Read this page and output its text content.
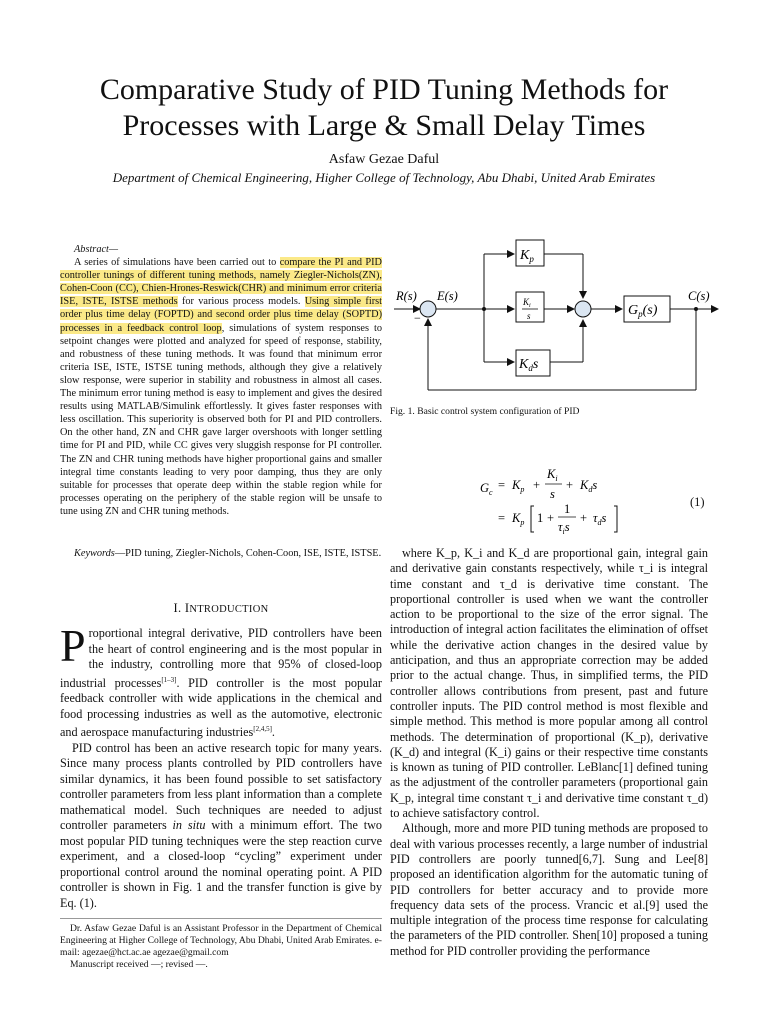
Comparative Study of PID Tuning Methods for Processes with Large & Small Delay Times
Asfaw Gezae Daful
Department of Chemical Engineering, Higher College of Technology, Abu Dhabi, United Arab Emirates
Abstract—

A series of simulations have been carried out to compare the PI and PID controller tunings of different tuning methods, namely Ziegler-Nichols(ZN), Cohen-Coon (CC), Chien-Hrones-Reswick(CHR) and minimum error criteria ISE, ISTE, ISTSE methods for various process models. Using simple first order plus time delay (FOPTD) and second order plus time delay (SOPTD) processes in a feedback control loop, simulations of system responses to setpoint changes were plotted and analyzed for speed of response, stability, and robustness of these tuning methods. It was found that minimum error criteria ISE, ISTE, ISTSE tuning methods, although they give a relatively slow response, were superior in stability and robustness in almost all cases. The minimum error tuning method is easy to implement and gives the desired results using MATLAB/Simulink effortlessly. It gives faster responses with less oscillation. This superiority is observed both for PI and PID controllers. On the other hand, ZN and CHR gave larger overshoots with longer settling time for PI and PID, while CC gives very sluggish response for PI controller. The ZN and CHR tuning methods have higher proportional gains and smaller integral time constants leading to very poor damping, thus they are only suitable for processes that operate deep within the stable region while for processes operating on the periphery of the stable region will be unsafe to tune using ZN and CHR tuning methods.

Keywords—PID tuning, Ziegler-Nichols, Cohen-Coon, ISE, ISTE, ISTSE.

I. INTRODUCTION

Proportional integral derivative, PID controllers have been the heart of control engineering and is the most popular in the industry, controlling more that 95% of closed-loop industrial processes[1–3]. PID controller is the most popular feedback controller with wide applications in the chemical and food processing industries as well as the automotive, electronic and aerospace manufacturing industries[2,4,5].

PID control has been an active research topic for many years. Since many process plants controlled by PID controllers have similar dynamics, it has been found possible to set satisfactory controller parameters from less plant information than a complete mathematical model. Such techniques are needed to adjust controller parameters in situ with a minimum effort. The two most popular PID tuning techniques were the step reaction curve experiment, and a closed-loop “cycling” experiment under proportional control around the nominal operating point. A PID controller is shown in Fig. 1 and the transfer function is give by Eq. (1).

Dr. Asfaw Gezae Daful is an Assistant Professor in the Department of Chemical Engineering at Higher College of Technology, Abu Dhabi, United Arab Emirates. e-mail: agezae@hct.ac.ae agezae@gmail.com

Manuscript received —; revised —.

R(s) E(s)	C(s)
−
$K_p$
$K_i$
s
$K_ds$
$G_p(s)$
Fig. 1. Basic control system configuration of PID
$G_c$
= $K_p$ +
$K_i$
s
+ $K_ds$
= $K_p$ 1 +
1
$\tau_is$
+ $\tau_ds$
(1)

where K_p, K_i and K_d are proportional gain, integral gain and derivative gain constants respectively, while τ_i is integral time constant and τ_d is derivative time constant. The proportional controller is used when we want the controller action to be proportional to the size of the error signal. The introduction of integral action facilitates the elimination of offset while the derivative action changes in the desired value by anticipation, and thus an appropriate correction may be added prior to the actual change. Thus, in simplified terms, the PID controller allows contributions from present, past and future controller inputs. The PID control method is most flexible and simple method. This method is more popular among all control methods. The determination of proportional (K_p), derivative (K_d) and integral (K_i) gains or their respective time constants is known as tuning of PID controller. LeBlanc[1] defined tuning as the adjustment of the controller parameters (proportional gain K_p, integral time constant τ_i and derivative time constant τ_d) to achieve satisfactory control.

Although, more and more PID tuning methods are proposed to deal with various processes recently, a large number of industrial PID controllers are poorly tunned[6,7]. Sung and Lee[8] proposed an identification algorithm for the automatic tuning of PID controllers for better accuracy and to provide more frequency data sets of the process. Vrancic et al.[9] used the multiple integration of the process time response for calculating the parameters of the PID controller. Shen[10] proposed a tuning method for PID controller providing the performance
